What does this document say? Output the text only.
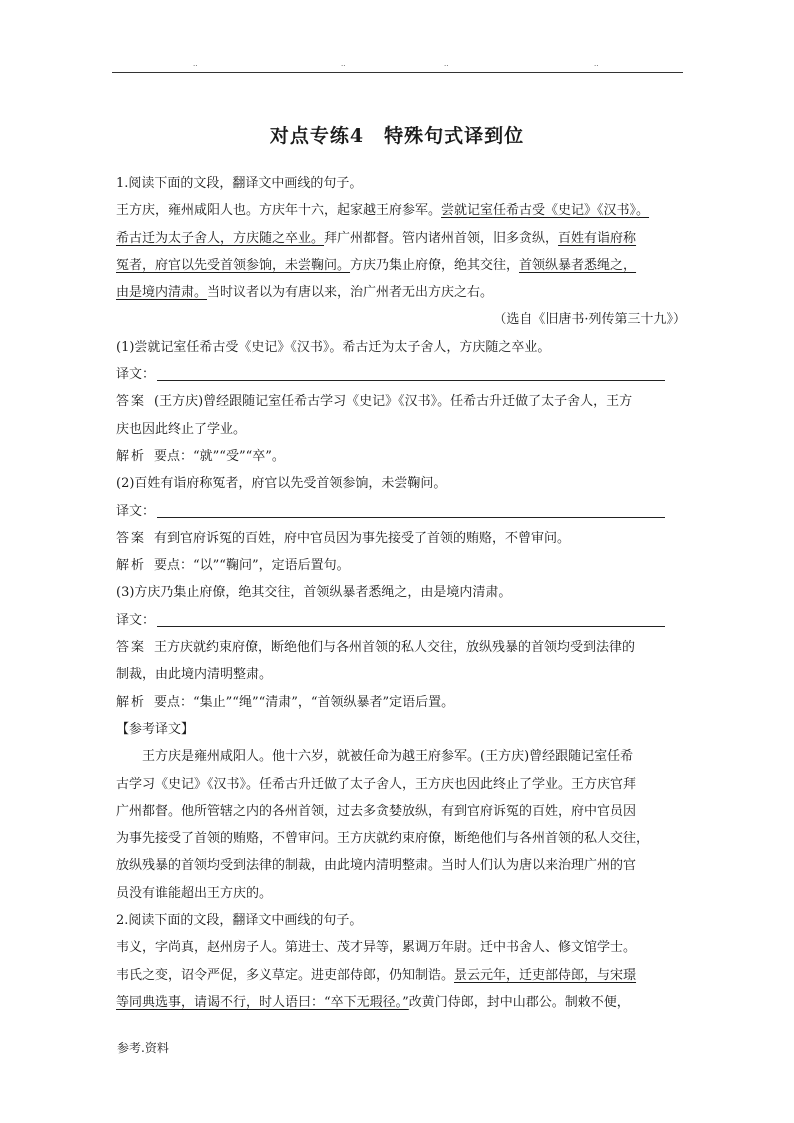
..	..	..	..
对点专练4　特殊句式译到位

1.阅读下面的文段，翻译文中画线的句子。

王方庆，雍州咸阳人也。方庆年十六，起家越王府参军。尝就记室任希古受《史记》《汉书》。

希古迁为太子舍人，方庆随之卒业。拜广州都督。管内诸州首领，旧多贪纵，百姓有诣府称

冤者，府官以先受首领参饷，未尝鞠问。方庆乃集止府僚，绝其交往，首领纵暴者悉绳之，

由是境内清肃。当时议者以为有唐以来，治广州者无出方庆之右。

（选自《旧唐书·列传第三十九》）

(1)尝就记室任希古受《史记》《汉书》。希古迁为太子舍人，方庆随之卒业。

译文：

答案 (王方庆)曾经跟随记室任希古学习《史记》《汉书》。任希古升迁做了太子舍人，王方

庆也因此终止了学业。

解析 要点：“就”“受”“卒”。

(2)百姓有诣府称冤者，府官以先受首领参饷，未尝鞠问。

译文：

答案 有到官府诉冤的百姓，府中官员因为事先接受了首领的贿赂，不曾审问。

解析 要点：“以”“鞠问”，定语后置句。

(3)方庆乃集止府僚，绝其交往，首领纵暴者悉绳之，由是境内清肃。

译文：

答案 王方庆就约束府僚，断绝他们与各州首领的私人交往，放纵残暴的首领均受到法律的

制裁，由此境内清明整肃。

解析 要点：“集止”“绳”“清肃”，“首领纵暴者”定语后置。

【参考译文】

王方庆是雍州咸阳人。他十六岁，就被任命为越王府参军。(王方庆)曾经跟随记室任希

古学习《史记》《汉书》。任希古升迁做了太子舍人，王方庆也因此终止了学业。王方庆官拜

广州都督。他所管辖之内的各州首领，过去多贪婪放纵，有到官府诉冤的百姓，府中官员因

为事先接受了首领的贿赂，不曾审问。王方庆就约束府僚，断绝他们与各州首领的私人交往，

放纵残暴的首领均受到法律的制裁，由此境内清明整肃。当时人们认为唐以来治理广州的官

员没有谁能超出王方庆的。

2.阅读下面的文段，翻译文中画线的句子。

韦义，字尚真，赵州房子人。第进士、茂才异等，累调万年尉。迁中书舍人、修文馆学士。

韦氏之变，诏令严促，多义草定。进吏部侍郎，仍知制诰。景云元年，迁吏部侍郎，与宋璟

等同典选事，请谒不行，时人语曰：“卒下无瑕径。”改黄门侍郎，封中山郡公。制敕不便，

参考.资料
